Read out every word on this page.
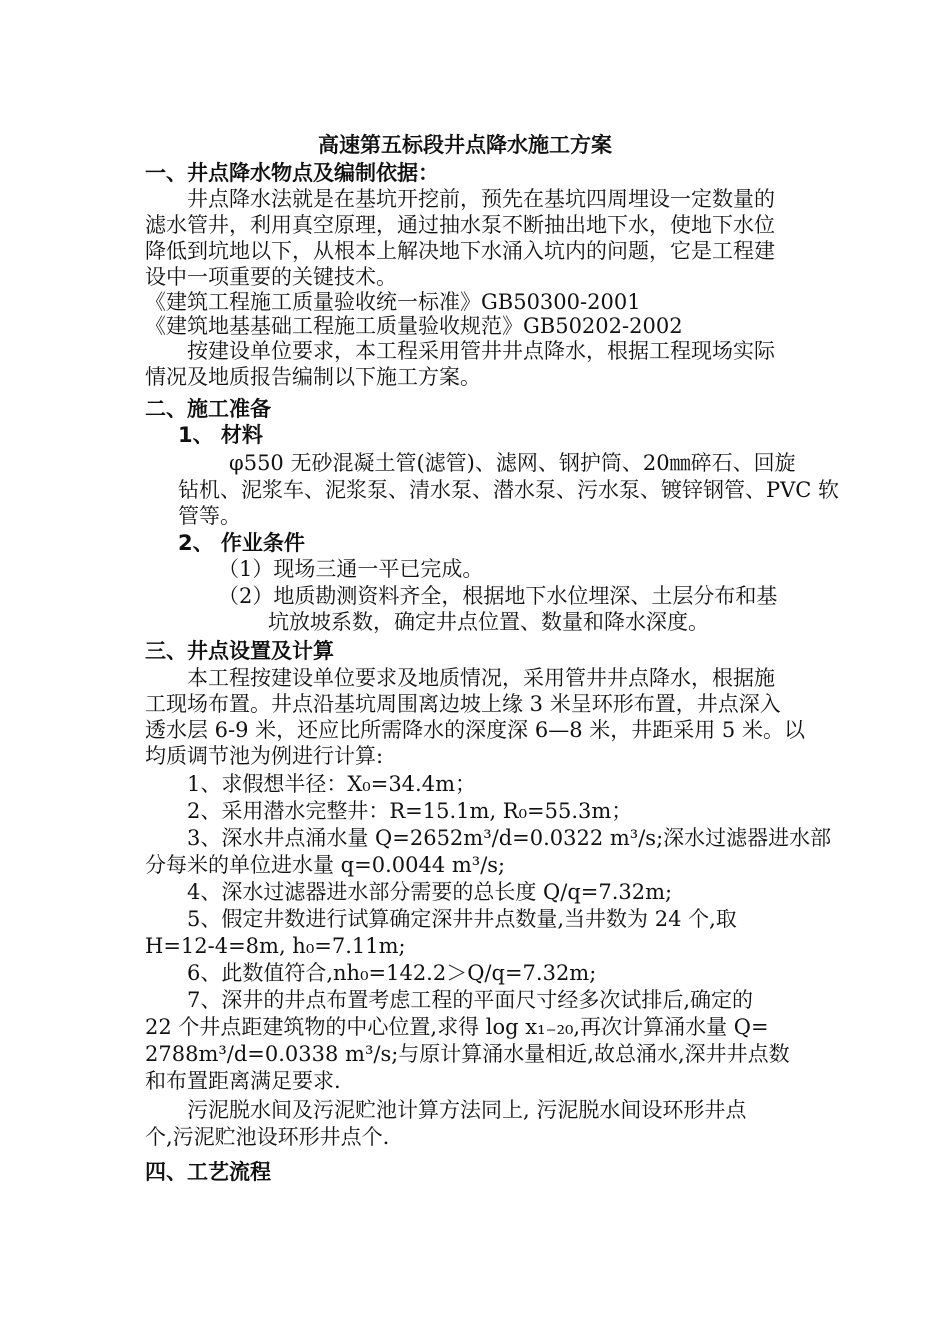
高速第五标段井点降水施工方案
一、井点降水物点及编制依据：
井点降水法就是在基坑开挖前，预先在基坑四周埋设一定数量的
滤水管井，利用真空原理，通过抽水泵不断抽出地下水，使地下水位
降低到坑地以下，从根本上解决地下水涌入坑内的问题，它是工程建
设中一项重要的关键技术。
《建筑工程施工质量验收统一标准》GB50300-2001
《建筑地基基础工程施工质量验收规范》GB50202-2002
按建设单位要求，本工程采用管井井点降水，根据工程现场实际
情况及地质报告编制以下施工方案。
二、施工准备
1、 材料
φ550 无砂混凝土管(滤管)、滤网、钢护筒、20㎜碎石、回旋
钻机、泥浆车、泥浆泵、清水泵、潜水泵、污水泵、镀锌钢管、PVC 软
管等。
2、 作业条件
（1）现场三通一平已完成。
（2）地质勘测资料齐全，根据地下水位埋深、土层分布和基
坑放坡系数，确定井点位置、数量和降水深度。
三、井点设置及计算
本工程按建设单位要求及地质情况，采用管井井点降水，根据施
工现场布置。井点沿基坑周围离边坡上缘 3 米呈环形布置，井点深入
透水层 6-9 米，还应比所需降水的深度深 6—8 米，井距采用 5 米。以
均质调节池为例进行计算:
1、求假想半径：X₀=34.4m；
2、采用潜水完整井：R=15.1m, R₀=55.3m；
3、深水井点涌水量 Q=2652m³/d=0.0322 m³/s;深水过滤器进水部
分每米的单位进水量 q=0.0044 m³/s;
4、深水过滤器进水部分需要的总长度 Q/q=7.32m;
5、假定井数进行试算确定深井井点数量,当井数为 24 个,取
H=12-4=8m, h₀=7.11m;
6、此数值符合,nh₀=142.2＞Q/q=7.32m;
7、深井的井点布置考虑工程的平面尺寸经多次试排后,确定的
22 个井点距建筑物的中心位置,求得 log x₁₋₂₀,再次计算涌水量 Q=
2788m³/d=0.0338 m³/s;与原计算涌水量相近,故总涌水,深井井点数
和布置距离满足要求.
污泥脱水间及污泥贮池计算方法同上, 污泥脱水间设环形井点
个,污泥贮池设环形井点个.
四、工艺流程
